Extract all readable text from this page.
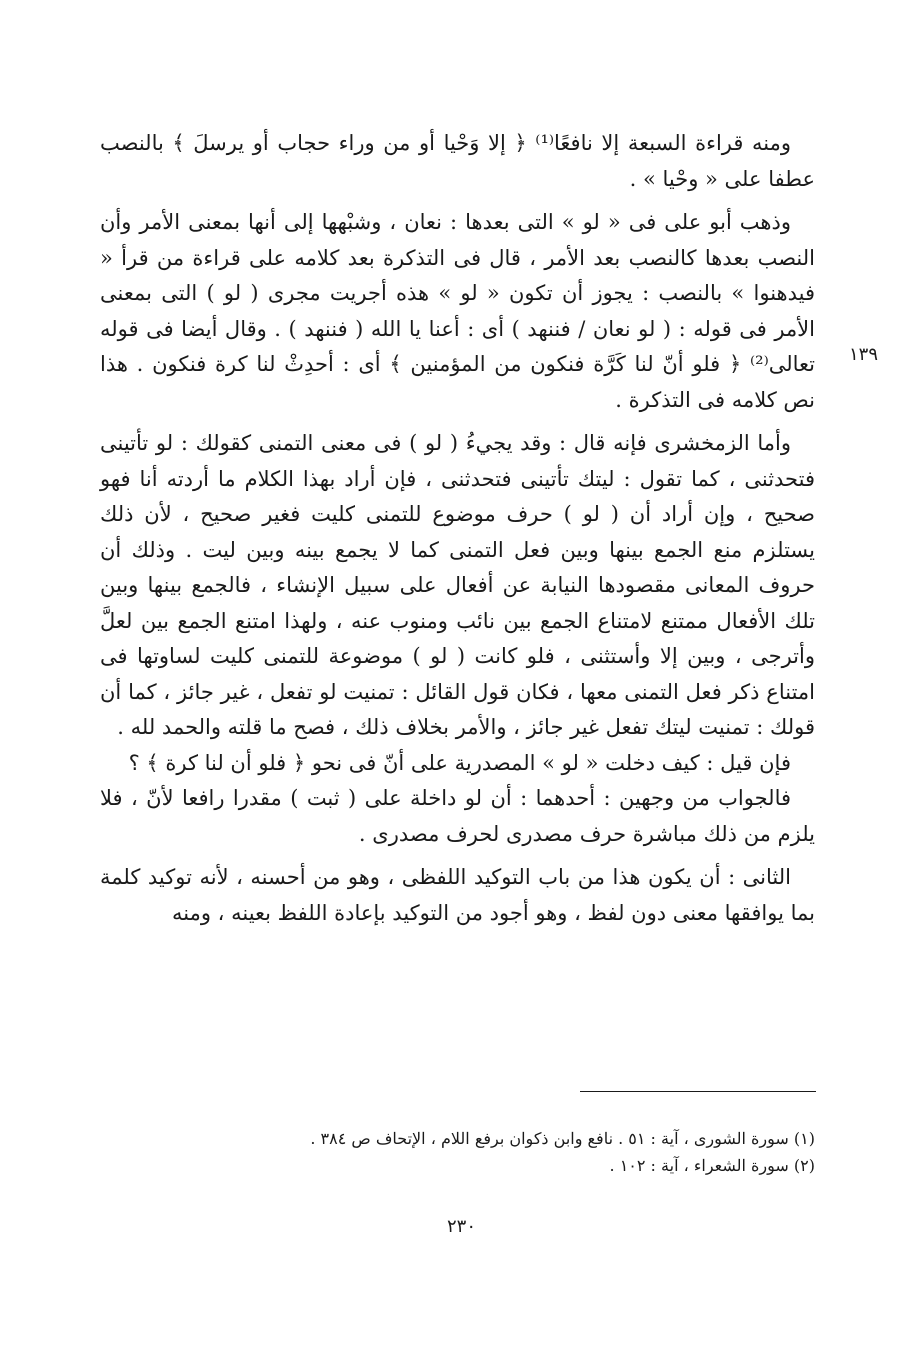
١٣٩

ومنه قراءة السبعة إلا نافعًا⁽¹⁾ ﴿ إلا وَحْيا أو من وراء حجاب أو يرسلَ ﴾ بالنصب عطفا على « وحْيا » .

وذهب أبو على فى « لو » التى بعدها : نعان ، وشبْهها إلى أنها بمعنى الأمر وأن النصب بعدها كالنصب بعد الأمر ، قال فى التذكرة بعد كلامه على قراءة من قرأ « فيدهنوا » بالنصب : يجوز أن تكون « لو » هذه أجريت مجرى ( لو ) التى بمعنى الأمر فى قوله : ( لو نعان / فننهد ) أى : أعنا يا الله ( فننهد ) . وقال أيضا فى قوله تعالى⁽²⁾ ﴿ فلو أنّ لنا كَرَّة فنكون من المؤمنين ﴾ أى : أحدِثْ لنا كرة فنكون . هذا نص كلامه فى التذكرة .

وأما الزمخشرى فإنه قال : وقد يجيءُ ( لو ) فى معنى التمنى كقولك : لو تأتينى فتحدثنى ، كما تقول : ليتك تأتينى فتحدثنى ، فإن أراد بهذا الكلام ما أردته أنا فهو صحيح ، وإن أراد أن ( لو ) حرف موضوع للتمنى كليت فغير صحيح ، لأن ذلك يستلزم منع الجمع بينها وبين فعل التمنى كما لا يجمع بينه وبين ليت . وذلك أن حروف المعانى مقصودها النيابة عن أفعال على سبيل الإنشاء ، فالجمع بينها وبين تلك الأفعال ممتنع لامتناع الجمع بين نائب ومنوب عنه ، ولهذا امتنع الجمع بين لعلَّ وأترجى ، وبين إلا وأستثنى ، فلو كانت ( لو ) موضوعة للتمنى كليت لساوتها فى امتناع ذكر فعل التمنى معها ، فكان قول القائل : تمنيت لو تفعل ، غير جائز ، كما أن قولك : تمنيت ليتك تفعل غير جائز ، والأمر بخلاف ذلك ، فصح ما قلته والحمد لله .

فإن قيل : كيف دخلت « لو » المصدرية على أنّ فى نحو ﴿ فلو أن لنا كرة ﴾ ؟

فالجواب من وجهين : أحدهما : أن لو داخلة على ( ثبت ) مقدرا رافعا لأنّ ، فلا يلزم من ذلك مباشرة حرف مصدرى لحرف مصدرى .

الثانى : أن يكون هذا من باب التوكيد اللفظى ، وهو من أحسنه ، لأنه توكيد كلمة بما يوافقها معنى دون لفظ ، وهو أجود من التوكيد بإعادة اللفظ بعينه ، ومنه

(١) سورة الشورى ، آية : ٥١ . نافع وابن ذكوان برفع اللام ، الإتحاف ص ٣٨٤ .

(٢) سورة الشعراء ، آية : ١٠٢ .

٢٣٠
